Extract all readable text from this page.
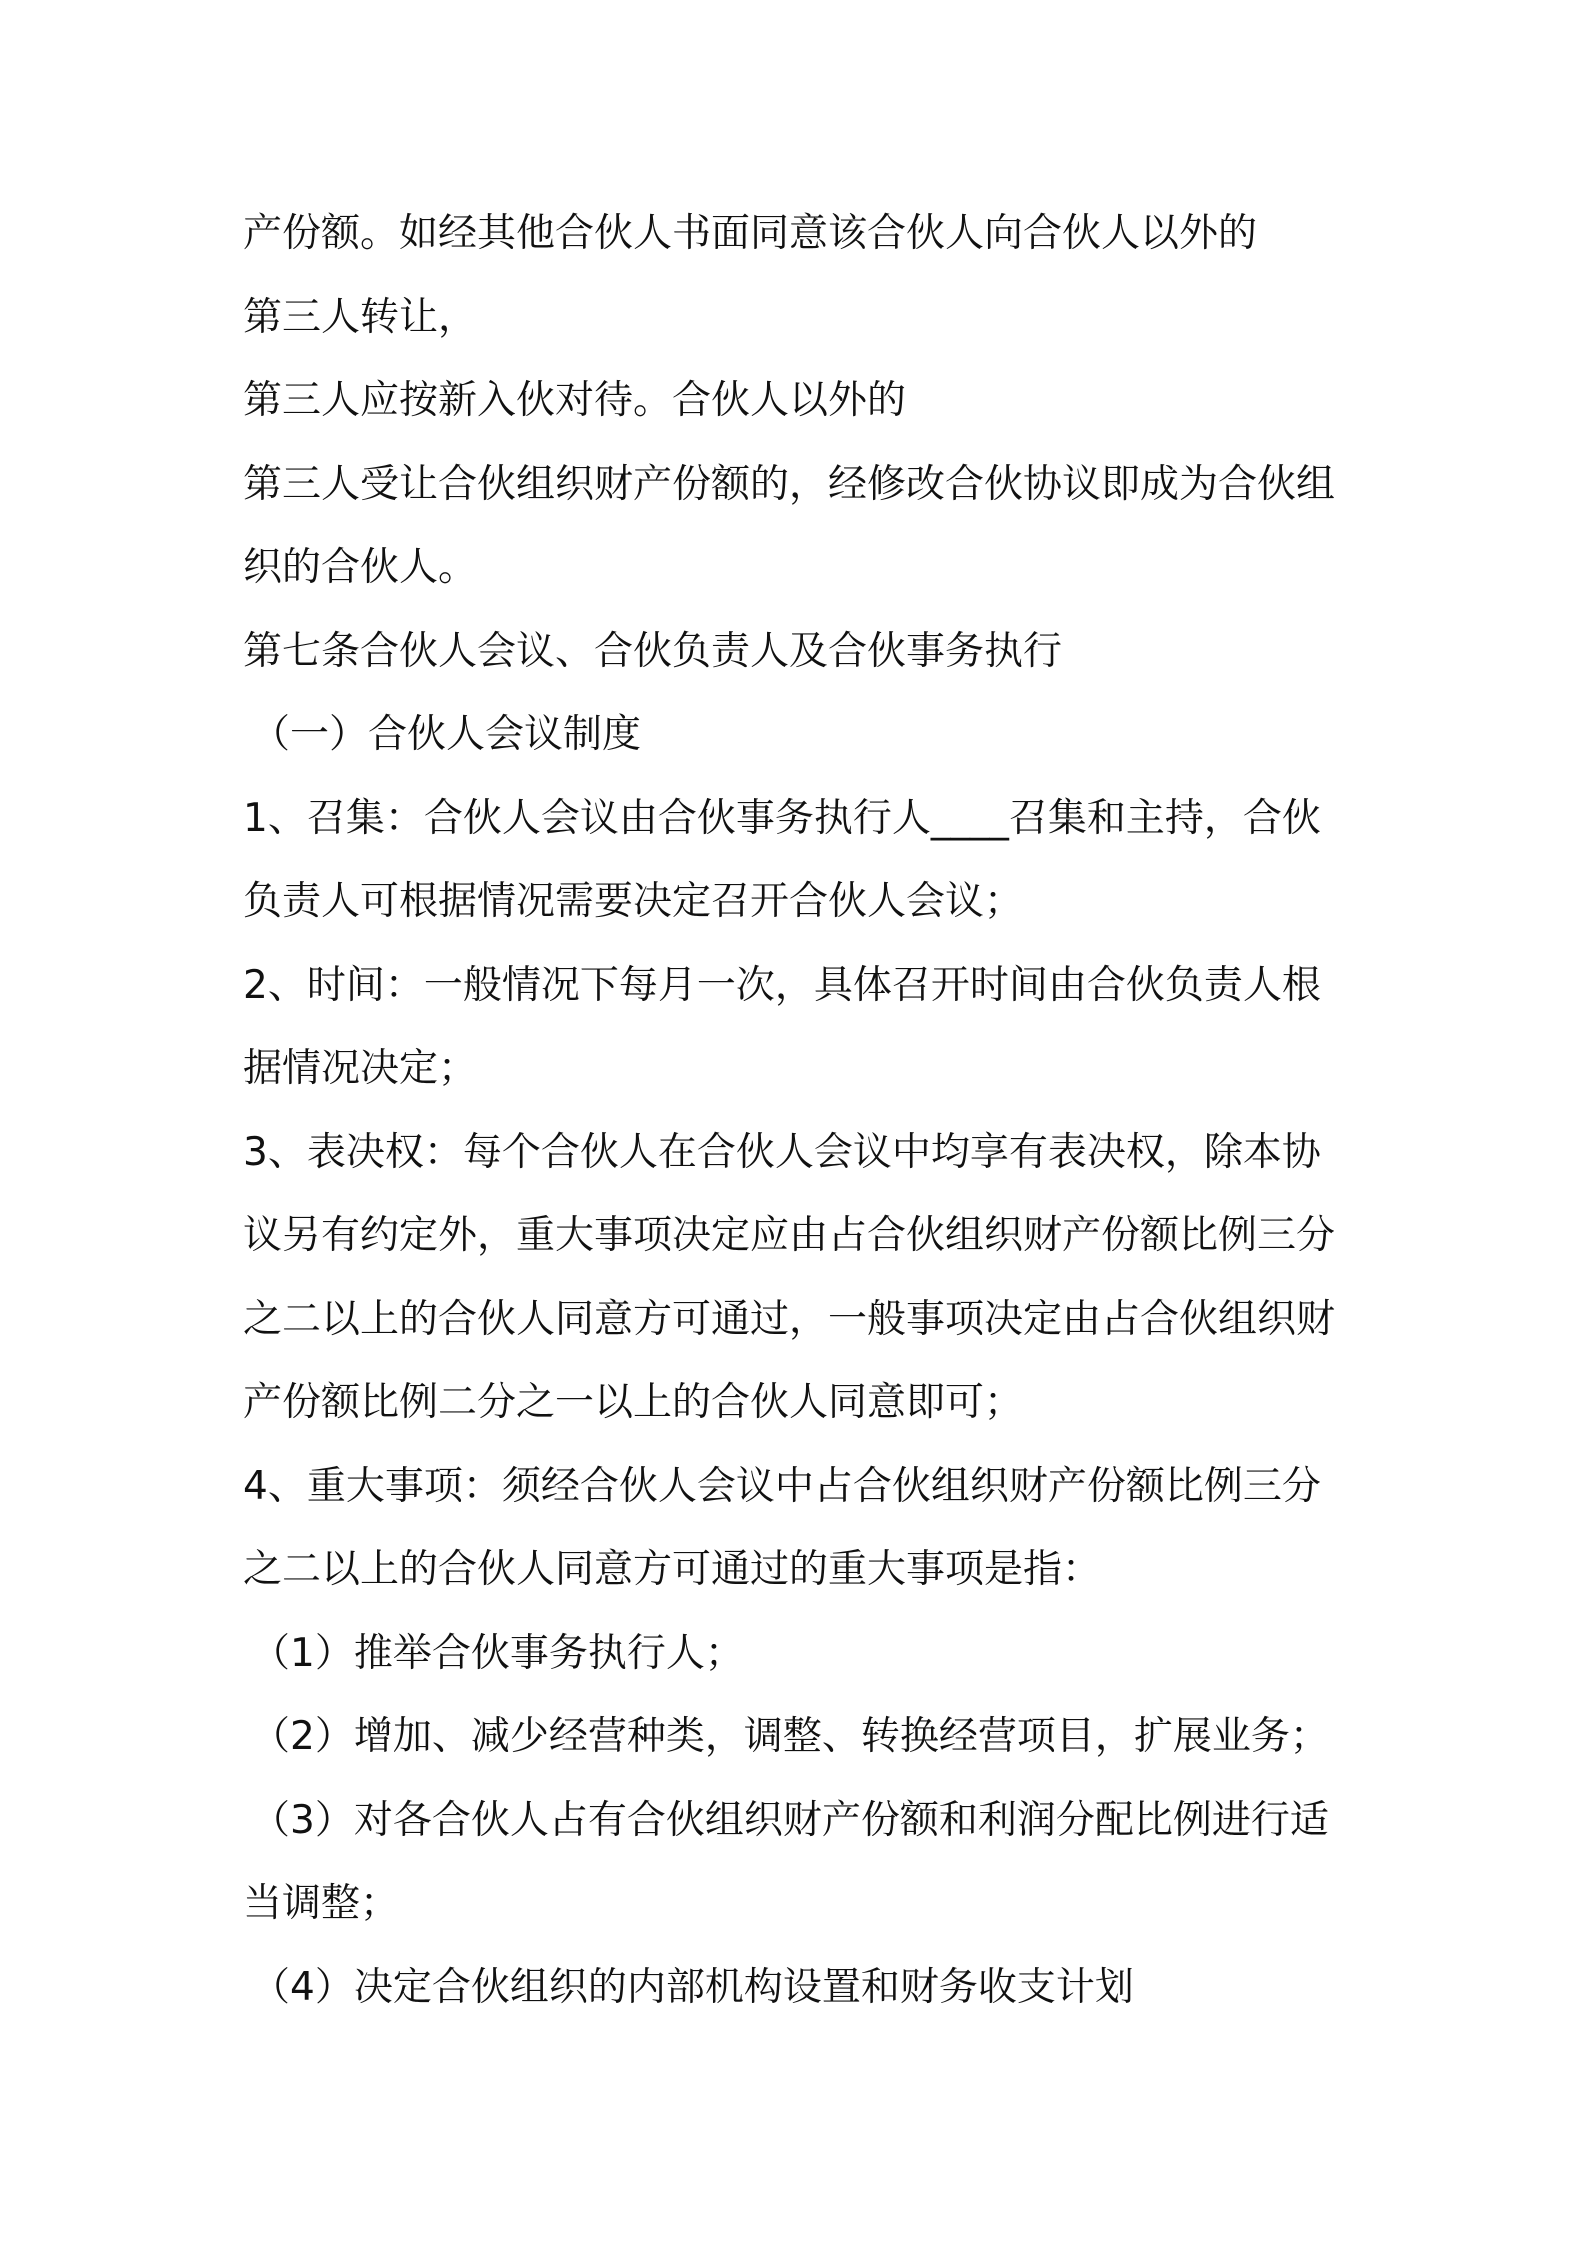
产份额。如经其他合伙人书面同意该合伙人向合伙人以外的
第三人转让，
第三人应按新入伙对待。合伙人以外的
第三人受让合伙组织财产份额的，经修改合伙协议即成为合伙组
织的合伙人。
第七条合伙人会议、合伙负责人及合伙事务执行
（一）合伙人会议制度
1、召集：合伙人会议由合伙事务执行人____召集和主持，合伙
负责人可根据情况需要决定召开合伙人会议；
2、时间：一般情况下每月一次，具体召开时间由合伙负责人根
据情况决定；
3、表决权：每个合伙人在合伙人会议中均享有表决权，除本协
议另有约定外，重大事项决定应由占合伙组织财产份额比例三分
之二以上的合伙人同意方可通过，一般事项决定由占合伙组织财
产份额比例二分之一以上的合伙人同意即可；
4、重大事项：须经合伙人会议中占合伙组织财产份额比例三分
之二以上的合伙人同意方可通过的重大事项是指：
（1）推举合伙事务执行人；
（2）增加、减少经营种类，调整、转换经营项目，扩展业务；
（3）对各合伙人占有合伙组织财产份额和利润分配比例进行适
当调整；
（4）决定合伙组织的内部机构设置和财务收支计划
